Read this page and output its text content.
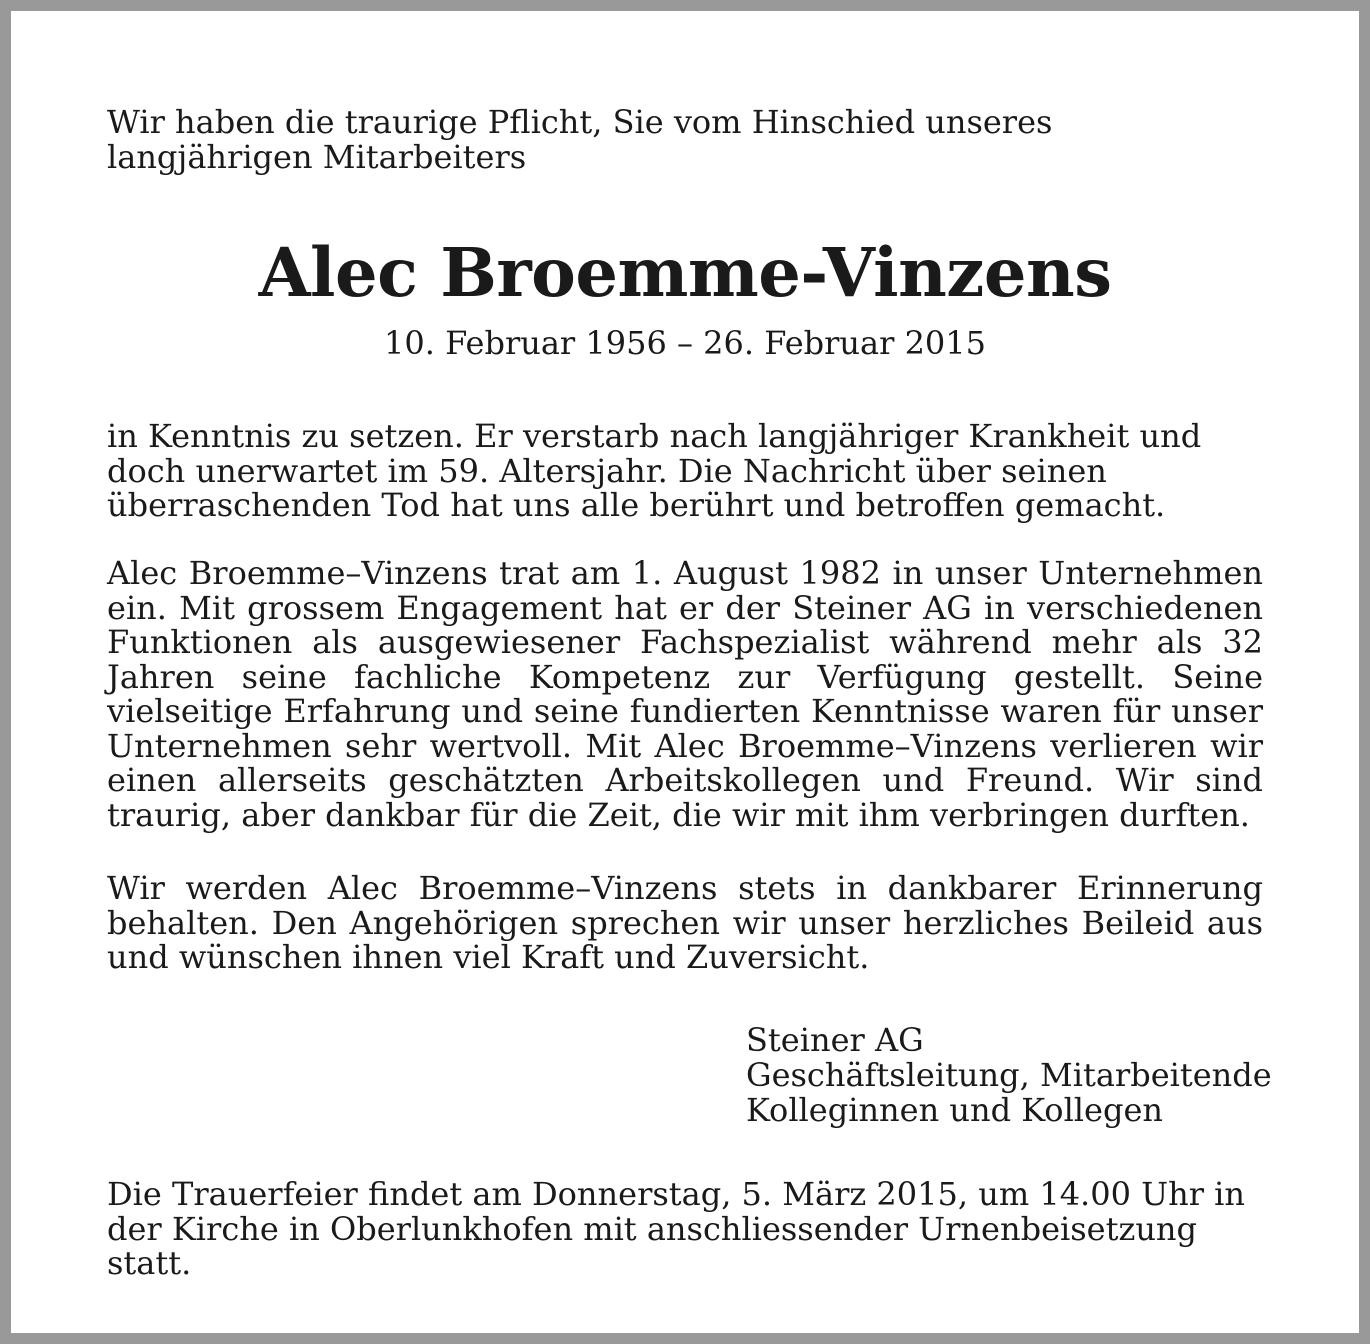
Wir haben die traurige Pflicht, Sie vom Hinschied unseres langjährigen Mitarbeiters

Alec Broemme-Vinzens

10. Februar 1956 – 26. Februar 2015

in Kenntnis zu setzen. Er verstarb nach langjähriger Krankheit und doch unerwartet im 59. Altersjahr. Die Nachricht über seinen überraschenden Tod hat uns alle berührt und betroffen gemacht.

Alec Broemme–Vinzens trat am 1. August 1982 in unser Unternehmen ein. Mit grossem Engagement hat er der Steiner AG in verschiedenen Funktionen als ausgewiesener Fachspezialist während mehr als 32 Jahren seine fachliche Kompetenz zur Verfügung gestellt. Seine vielseitige Erfahrung und seine fundierten Kenntnisse waren für unser Unternehmen sehr wertvoll. Mit Alec Broemme–Vinzens verlieren wir einen allerseits geschätzten Arbeitskollegen und Freund. Wir sind traurig, aber dankbar für die Zeit, die wir mit ihm verbringen durften.

Wir werden Alec Broemme–Vinzens stets in dankbarer Erinnerung behalten. Den Angehörigen sprechen wir unser herzliches Beileid aus und wünschen ihnen viel Kraft und Zuversicht.

Steiner AG
Geschäftsleitung, Mitarbeitende
Kolleginnen und Kollegen

Die Trauerfeier findet am Donnerstag, 5. März 2015, um 14.00 Uhr in der Kirche in Oberlunkhofen mit anschliessender Urnenbeisetzung statt.
